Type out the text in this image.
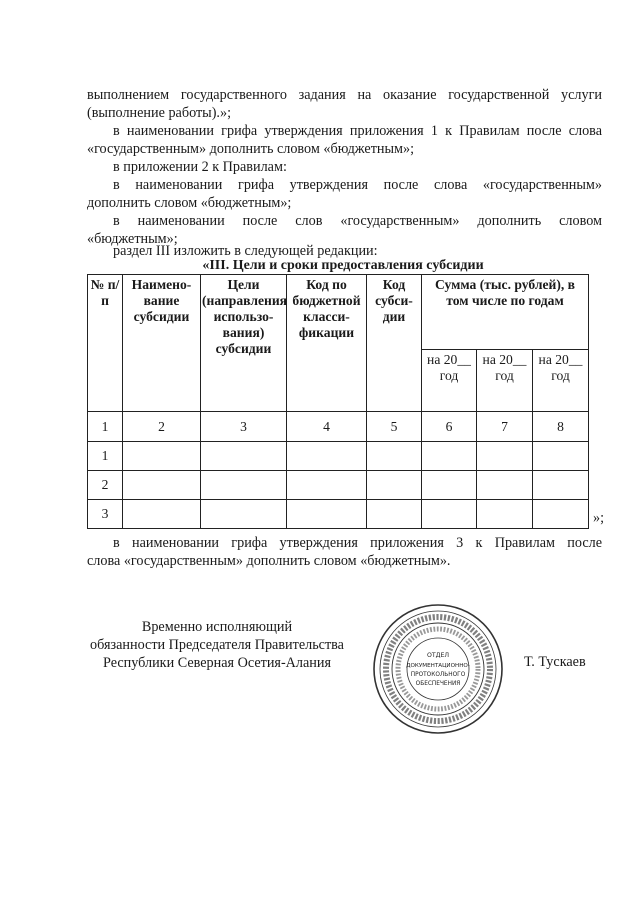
выполнением государственного задания на оказание государственной услуги
(выполнение работы).»;
в наименовании грифа утверждения приложения 1 к Правилам после слова
«государственным» дополнить словом «бюджетным»;
в приложении 2 к Правилам:
в наименовании грифа утверждения после слова «государственным»
дополнить словом «бюджетным»;
в наименовании после слов «государственным» дополнить словом
«бюджетным»;
раздел III изложить в следующей редакции:
«III. Цели и сроки предоставления субсидии
№ п/п	Наимено-вание субсидии	Цели (направления использо-вания) субсидии	Код по бюджетной класси-фикации	Код субси-дии	Сумма (тыс. рублей), в том числе по годам		
					на 20__ год	на 20__ год	на 20__ год
1	2	3	4	5	6	7	8
1							
2							
3								»;
в наименовании грифа утверждения приложения 3 к Правилам после
слова «государственным» дополнить словом «бюджетным».
Временно исполняющий
обязанности Председателя Правительства
Республики Северная Осетия-Алания	ОТДЕЛ
ДОКУМЕНТАЦИОННО-
ПРОТОКОЛЬНОГО
ОБЕСПЕЧЕНИЯ
Т. Тускаев
